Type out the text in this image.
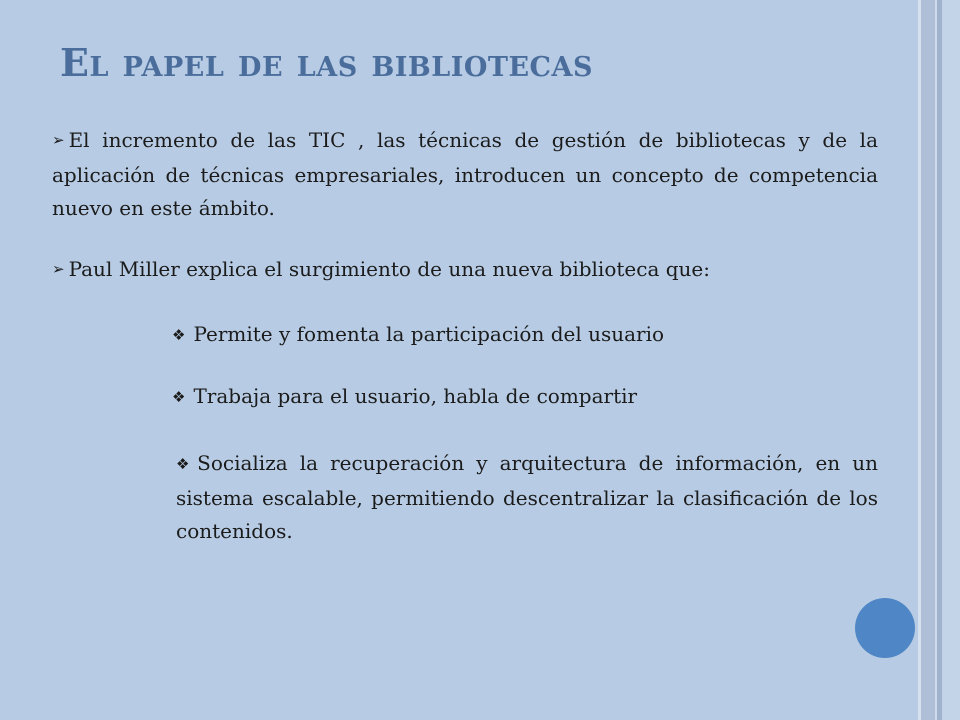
El papel de las bibliotecas

➢ El incremento de las TIC , las técnicas de gestión de bibliotecas y de la aplicación de técnicas empresariales, introducen un concepto de competencia nuevo en este ámbito.

➢ Paul Miller explica el surgimiento de una nueva biblioteca que:

❖ Permite y fomenta la participación del usuario
❖ Trabaja para el usuario, habla de compartir

❖ Socializa la recuperación y arquitectura de información, en un sistema escalable, permitiendo descentralizar la clasificación de los contenidos.
